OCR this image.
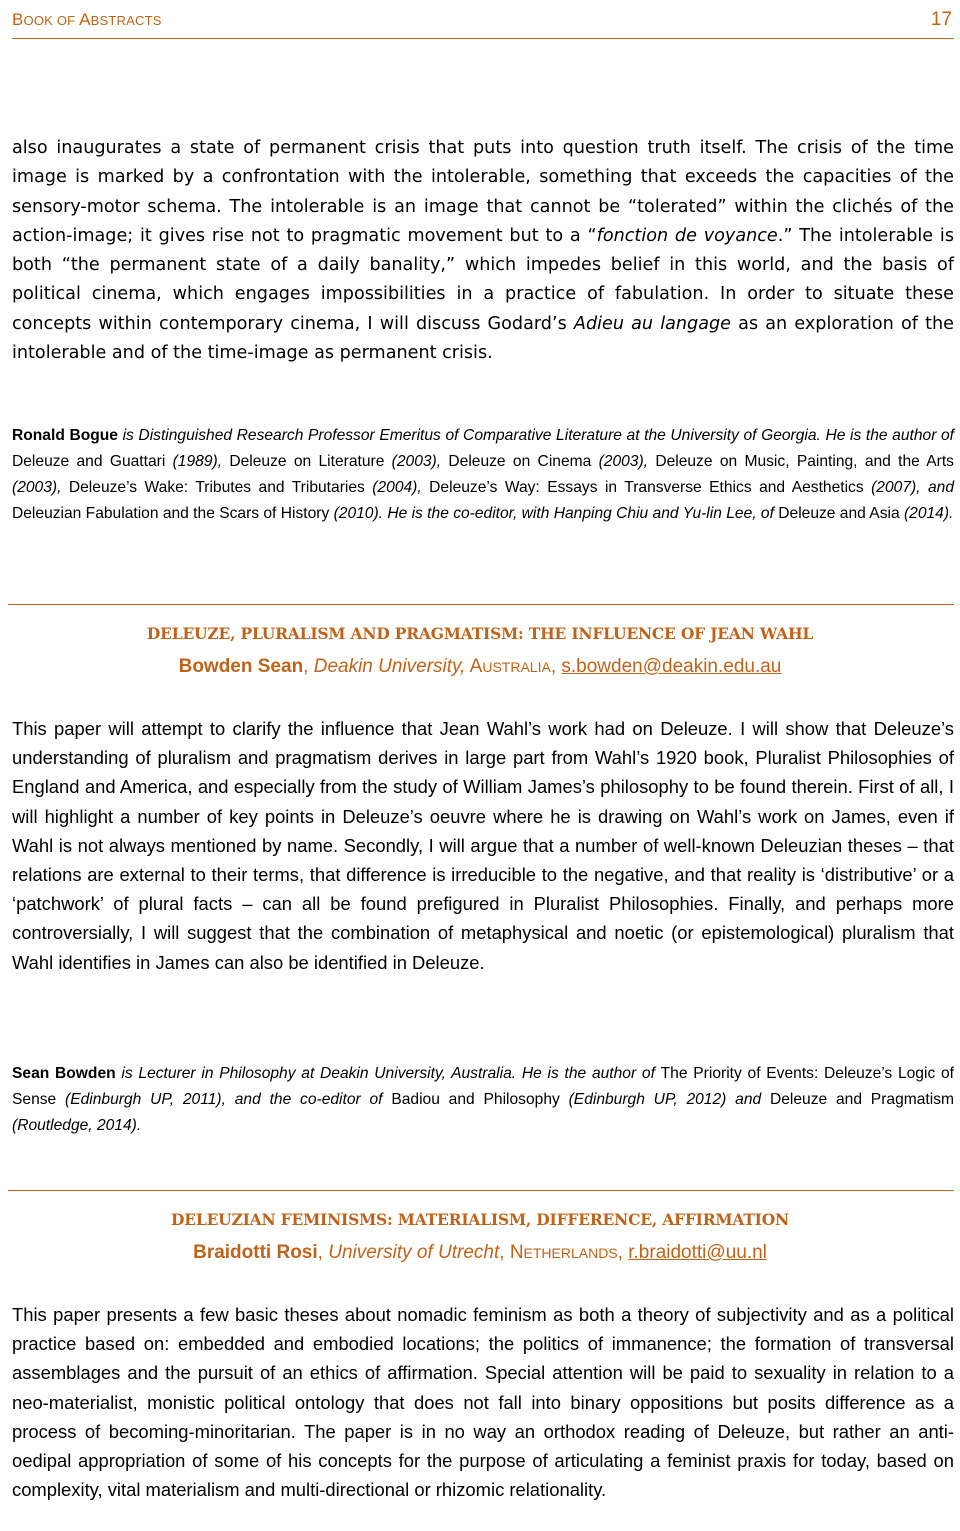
BOOK OF ABSTRACTS	17

also inaugurates a state of permanent crisis that puts into question truth itself. The crisis of the time image is marked by a confrontation with the intolerable, something that exceeds the capacities of the sensory-motor schema. The intolerable is an image that cannot be “tolerated” within the clichés of the action-image; it gives rise not to pragmatic movement but to a “fonction de voyance.” The intolerable is both “the permanent state of a daily banality,” which impedes belief in this world, and the basis of political cinema, which engages impossibilities in a practice of fabulation. In order to situate these concepts within contemporary cinema, I will discuss Godard’s Adieu au langage as an exploration of the intolerable and of the time-image as permanent crisis.

Ronald Bogue is Distinguished Research Professor Emeritus of Comparative Literature at the University of Georgia. He is the author of Deleuze and Guattari (1989), Deleuze on Literature (2003), Deleuze on Cinema (2003), Deleuze on Music, Painting, and the Arts (2003), Deleuze’s Wake: Tributes and Tributaries (2004), Deleuze’s Way: Essays in Transverse Ethics and Aesthetics (2007), and Deleuzian Fabulation and the Scars of History (2010). He is the co-editor, with Hanping Chiu and Yu-lin Lee, of Deleuze and Asia (2014).

DELEUZE, PLURALISM AND PRAGMATISM: THE INFLUENCE OF JEAN WAHL
Bowden Sean, Deakin University, AUSTRALIA, s.bowden@deakin.edu.au

This paper will attempt to clarify the influence that Jean Wahl’s work had on Deleuze. I will show that Deleuze’s understanding of pluralism and pragmatism derives in large part from Wahl’s 1920 book, Pluralist Philosophies of England and America, and especially from the study of William James’s philosophy to be found therein. First of all, I will highlight a number of key points in Deleuze’s oeuvre where he is drawing on Wahl’s work on James, even if Wahl is not always mentioned by name. Secondly, I will argue that a number of well-known Deleuzian theses – that relations are external to their terms, that difference is irreducible to the negative, and that reality is ‘distributive’ or a ‘patchwork’ of plural facts – can all be found prefigured in Pluralist Philosophies. Finally, and perhaps more controversially, I will suggest that the combination of metaphysical and noetic (or epistemological) pluralism that Wahl identifies in James can also be identified in Deleuze.

Sean Bowden is Lecturer in Philosophy at Deakin University, Australia. He is the author of The Priority of Events: Deleuze’s Logic of Sense (Edinburgh UP, 2011), and the co-editor of Badiou and Philosophy (Edinburgh UP, 2012) and Deleuze and Pragmatism (Routledge, 2014).

DELEUZIAN FEMINISMS: MATERIALISM, DIFFERENCE, AFFIRMATION
Braidotti Rosi, University of Utrecht, NETHERLANDS, r.braidotti@uu.nl

This paper presents a few basic theses about nomadic feminism as both a theory of subjectivity and as a political practice based on: embedded and embodied locations; the politics of immanence; the formation of transversal assemblages and the pursuit of an ethics of affirmation. Special attention will be paid to sexuality in relation to a neo-materialist, monistic political ontology that does not fall into binary oppositions but posits difference as a process of becoming-minoritarian. The paper is in no way an orthodox reading of Deleuze, but rather an anti-oedipal appropriation of some of his concepts for the purpose of articulating a feminist praxis for today, based on complexity, vital materialism and multi-directional or rhizomic relationality.
